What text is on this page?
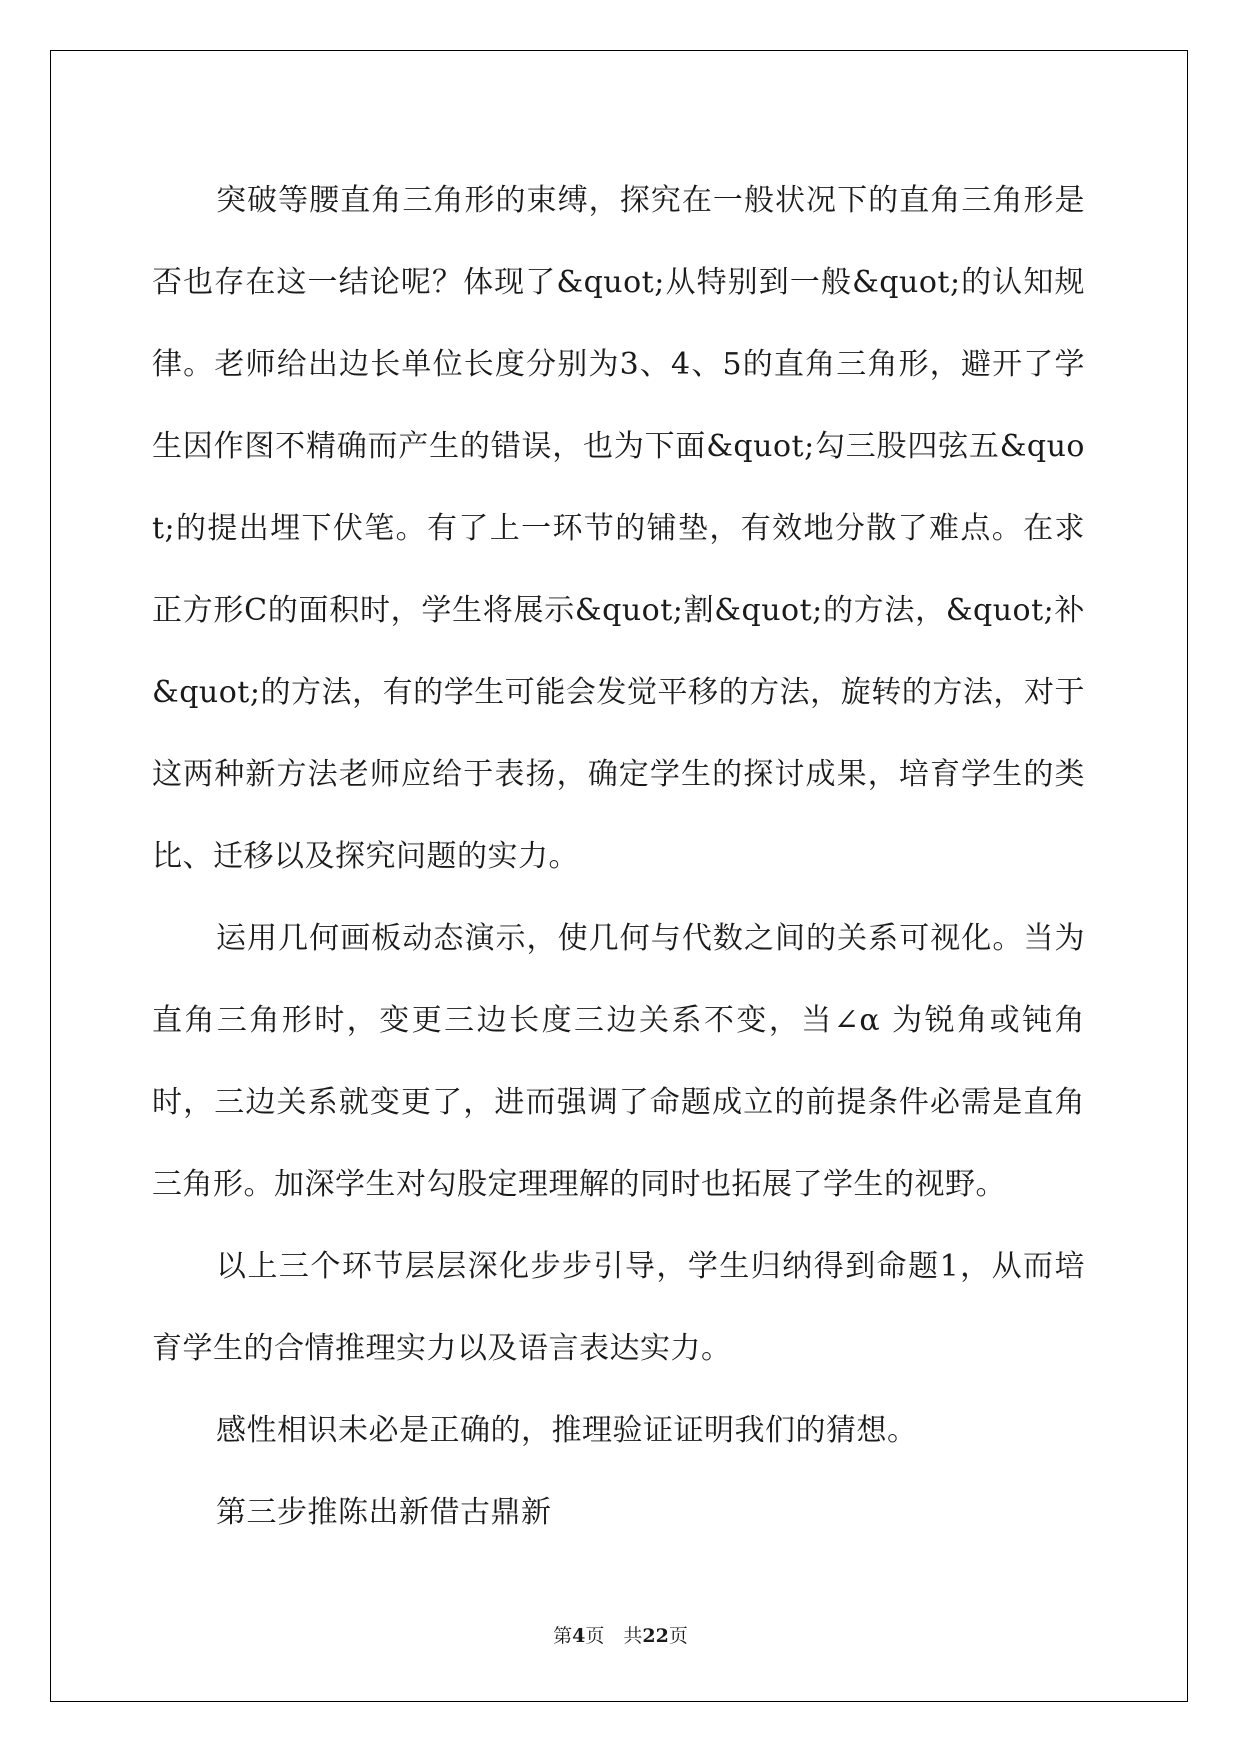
突破等腰直角三角形的束缚，探究在一般状况下的直角三角形是否也存在这一结论呢？体现了&quot;从特别到一般&quot;的认知规律。老师给出边长单位长度分别为3、4、5的直角三角形，避开了学生因作图不精确而产生的错误，也为下面&quot;勾三股四弦五&quot;的提出埋下伏笔。有了上一环节的铺垫，有效地分散了难点。在求正方形C的面积时，学生将展示&quot;割&quot;的方法，&quot;补&quot;的方法，有的学生可能会发觉平移的方法，旋转的方法，对于这两种新方法老师应给于表扬，确定学生的探讨成果，培育学生的类比、迁移以及探究问题的实力。

运用几何画板动态演示，使几何与代数之间的关系可视化。当为直角三角形时，变更三边长度三边关系不变，当∠α 为锐角或钝角时，三边关系就变更了，进而强调了命题成立的前提条件必需是直角三角形。加深学生对勾股定理理解的同时也拓展了学生的视野。

以上三个环节层层深化步步引导，学生归纳得到命题1，从而培育学生的合情推理实力以及语言表达实力。

感性相识未必是正确的，推理验证证明我们的猜想。

第三步推陈出新借古鼎新

第4页　共22页
